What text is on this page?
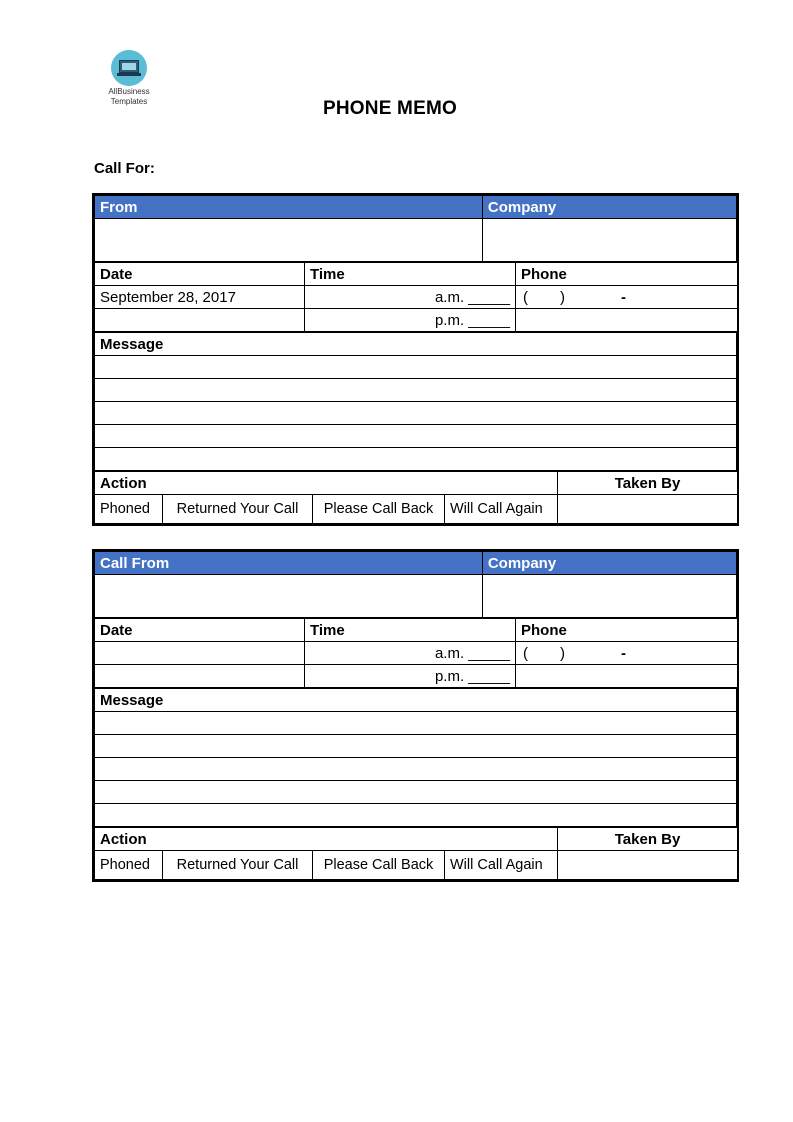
AllBusiness
Templates	PHONE MEMO
Call For:
From	Company

Date	Time	Phone
September 28, 2017	a.m. _____	( ) -
	p.m. _____	
Message

Action				Taken By
Phoned	Returned Your Call	Please Call Back	Will Call Again	
Call From	Company

Date	Time	Phone
	a.m. _____	( ) -
	p.m. _____	
Message

Action				Taken By
Phoned	Returned Your Call	Please Call Back	Will Call Again	
